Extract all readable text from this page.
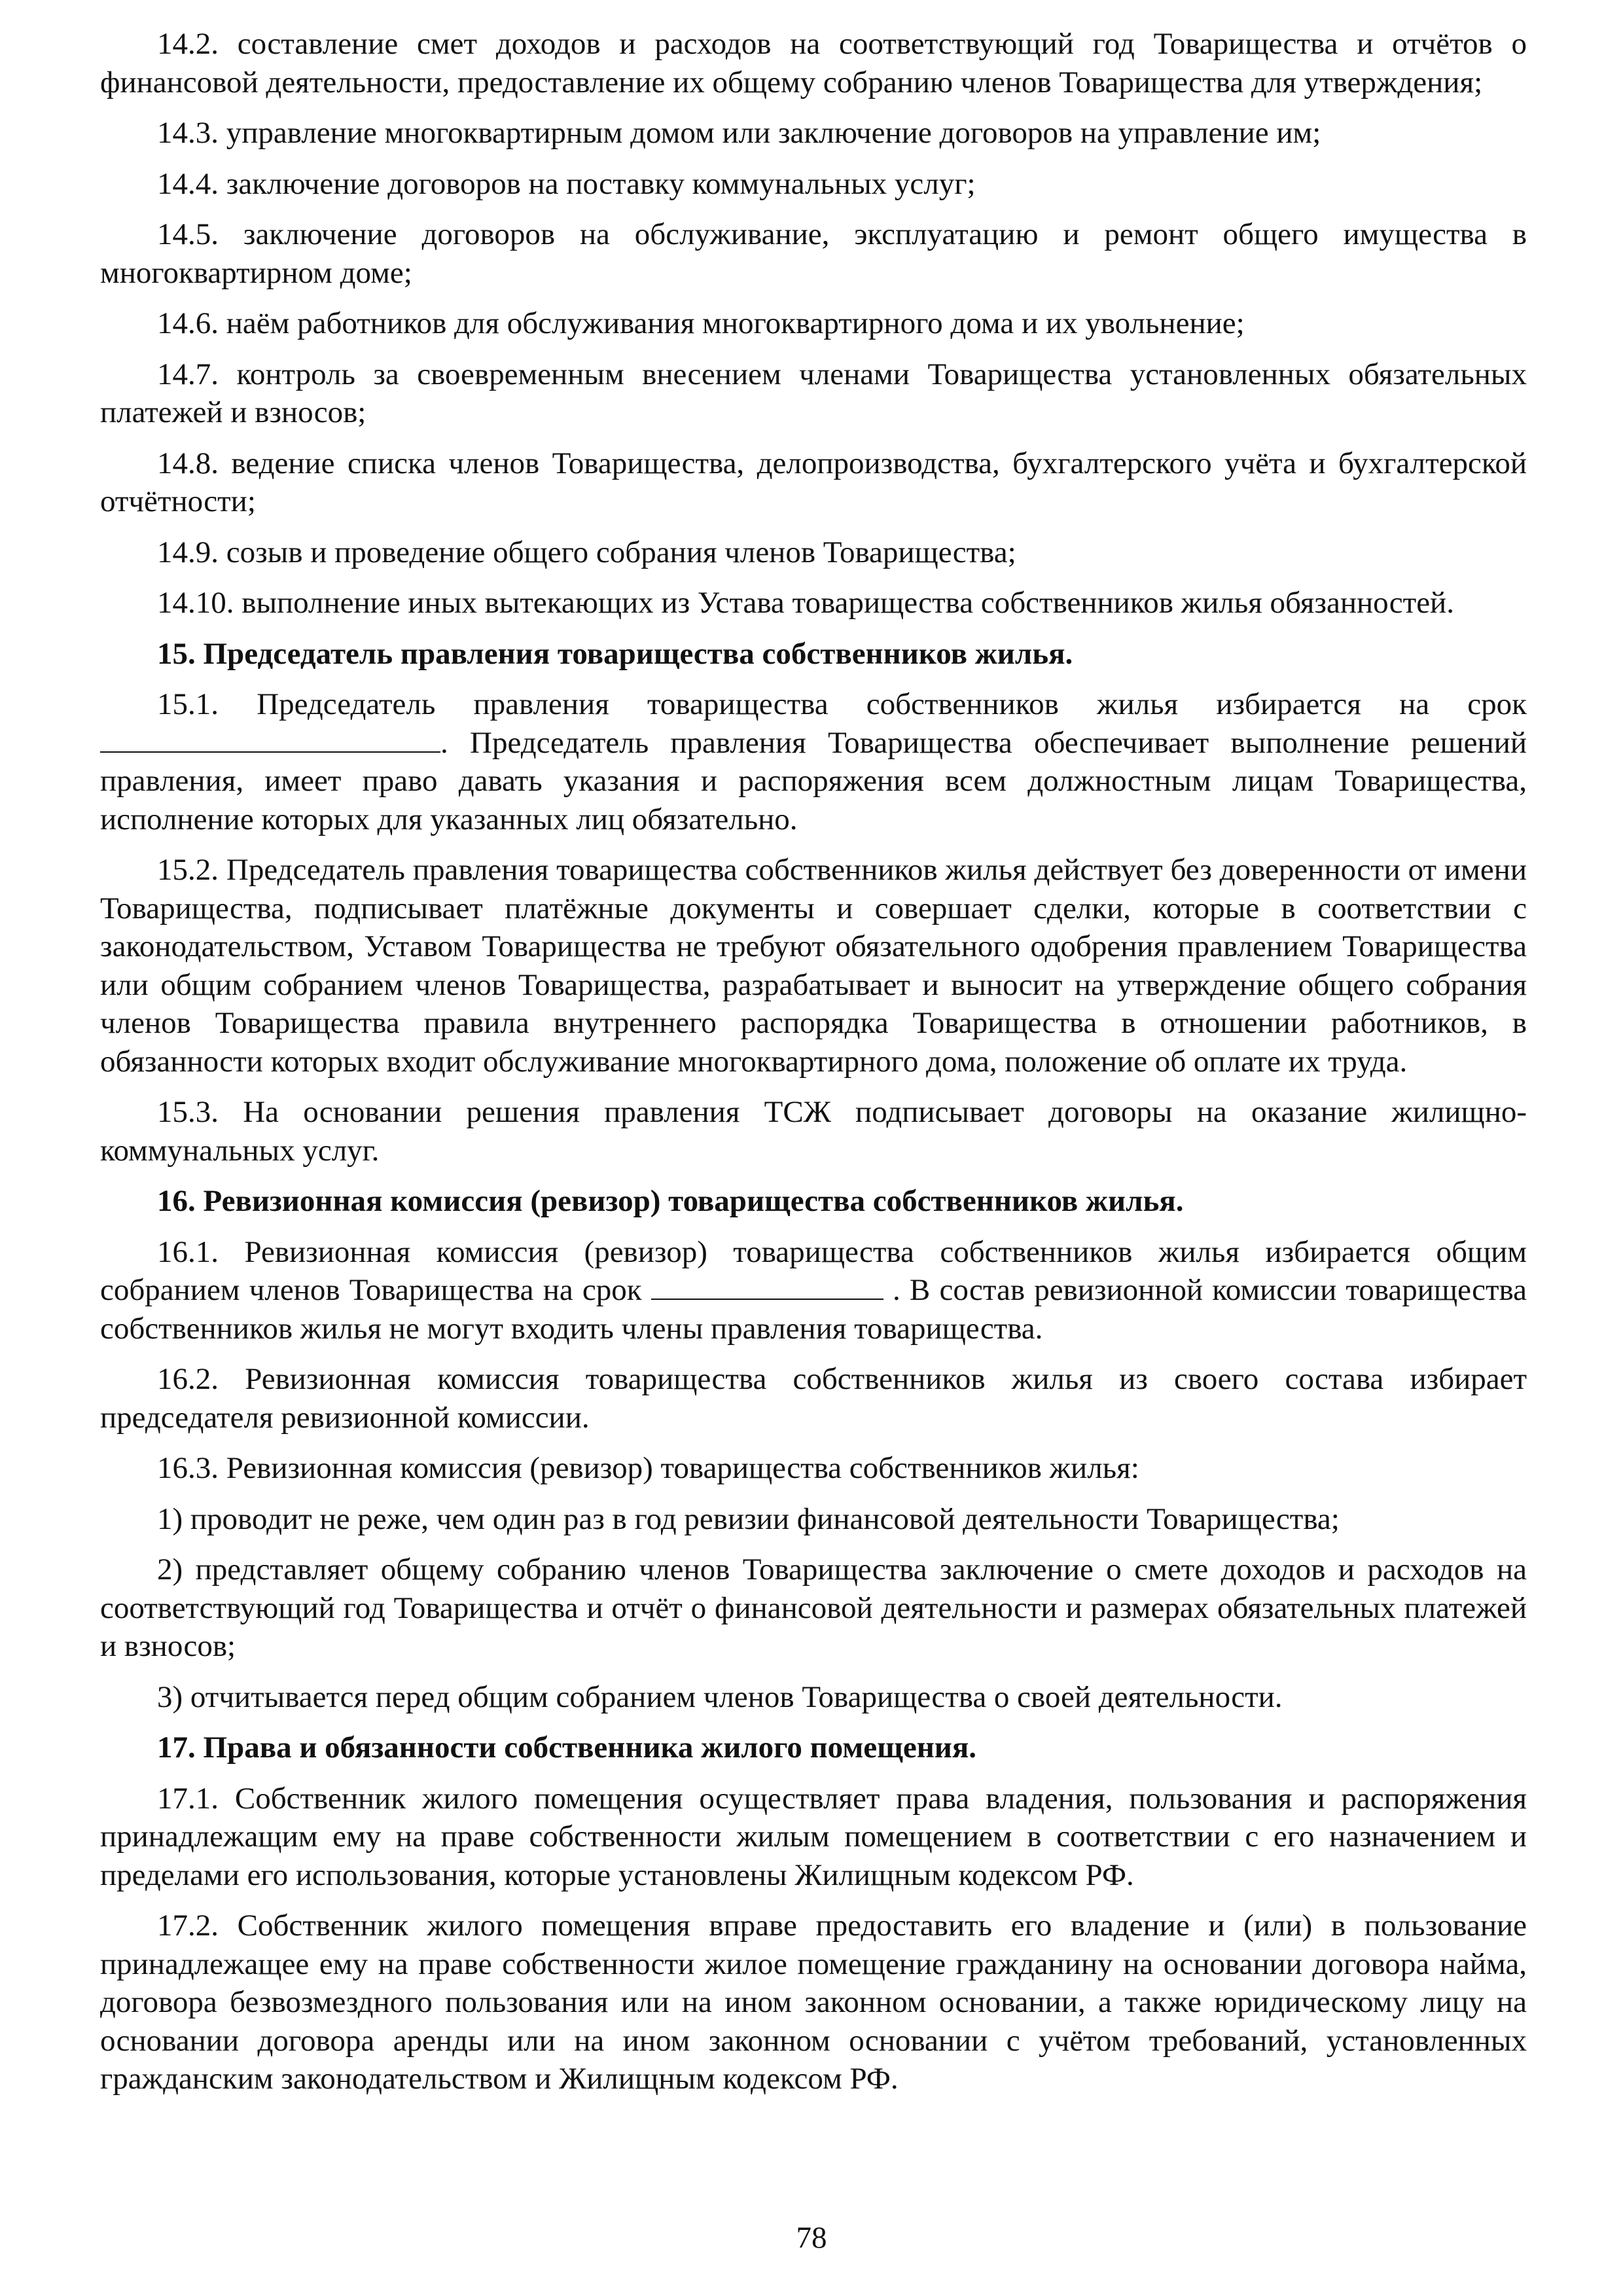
14.2. составление смет доходов и расходов на соответствующий год Товарищества и отчётов о финансовой деятельности, предоставление их общему собранию членов Товарищества для утверждения;

14.3. управление многоквартирным домом или заключение договоров на управление им;

14.4. заключение договоров на поставку коммунальных услуг;

14.5. заключение договоров на обслуживание, эксплуатацию и ремонт общего имущества в многоквартирном доме;

14.6. наём работников для обслуживания многоквартирного дома и их увольнение;

14.7. контроль за своевременным внесением членами Товарищества установленных обязательных платежей и взносов;

14.8. ведение списка членов Товарищества, делопроизводства, бухгалтерского учёта и бухгалтерской отчётности;

14.9. созыв и проведение общего собрания членов Товарищества;

14.10. выполнение иных вытекающих из Устава товарищества собственников жилья обязанностей.

15. Председатель правления товарищества собственников жилья.

15.1. Председатель правления товарищества собственников жилья избирается на срок . Председатель правления Товарищества обеспечивает выполнение решений правления, имеет право давать указания и распоряжения всем должностным лицам Товарищества, исполнение которых для указанных лиц обязательно.

15.2. Председатель правления товарищества собственников жилья действует без доверенности от имени Товарищества, подписывает платёжные документы и совершает сделки, которые в соответствии с законодательством, Уставом Товарищества не требуют обязательного одобрения правлением Товарищества или общим собранием членов Товарищества, разрабатывает и выносит на утверждение общего собрания членов Товарищества правила внутреннего распорядка Товарищества в отношении работников, в обязанности которых входит обслуживание многоквартирного дома, положение об оплате их труда.

15.3. На основании решения правления ТСЖ подписывает договоры на оказание жилищно-коммунальных услуг.

16. Ревизионная комиссия (ревизор) товарищества собственников жилья.

16.1. Ревизионная комиссия (ревизор) товарищества собственников жилья избирается общим собранием членов Товарищества на срок	. В состав ревизионной комиссии товарищества собственников жилья не могут входить члены правления товарищества.

16.2. Ревизионная комиссия товарищества собственников жилья из своего состава избирает председателя ревизионной комиссии.

16.3. Ревизионная комиссия (ревизор) товарищества собственников жилья:

1) проводит не реже, чем один раз в год ревизии финансовой деятельности Товарищества;

2) представляет общему собранию членов Товарищества заключение о смете доходов и расходов на соответствующий год Товарищества и отчёт о финансовой деятельности и размерах обязательных платежей и взносов;

3) отчитывается перед общим собранием членов Товарищества о своей деятельности.

17. Права и обязанности собственника жилого помещения.

17.1. Собственник жилого помещения осуществляет права владения, пользования и распоряжения принадлежащим ему на праве собственности жилым помещением в соответствии с его назначением и пределами его использования, которые установлены Жилищным кодексом РФ.

17.2. Собственник жилого помещения вправе предоставить его владение и (или) в пользование принадлежащее ему на праве собственности жилое помещение гражданину на основании договора найма, договора безвозмездного пользования или на ином законном основании, а также юридическому лицу на основании договора аренды или на ином законном основании с учётом требований, установленных гражданским законодательством и Жилищным кодексом РФ.

78
